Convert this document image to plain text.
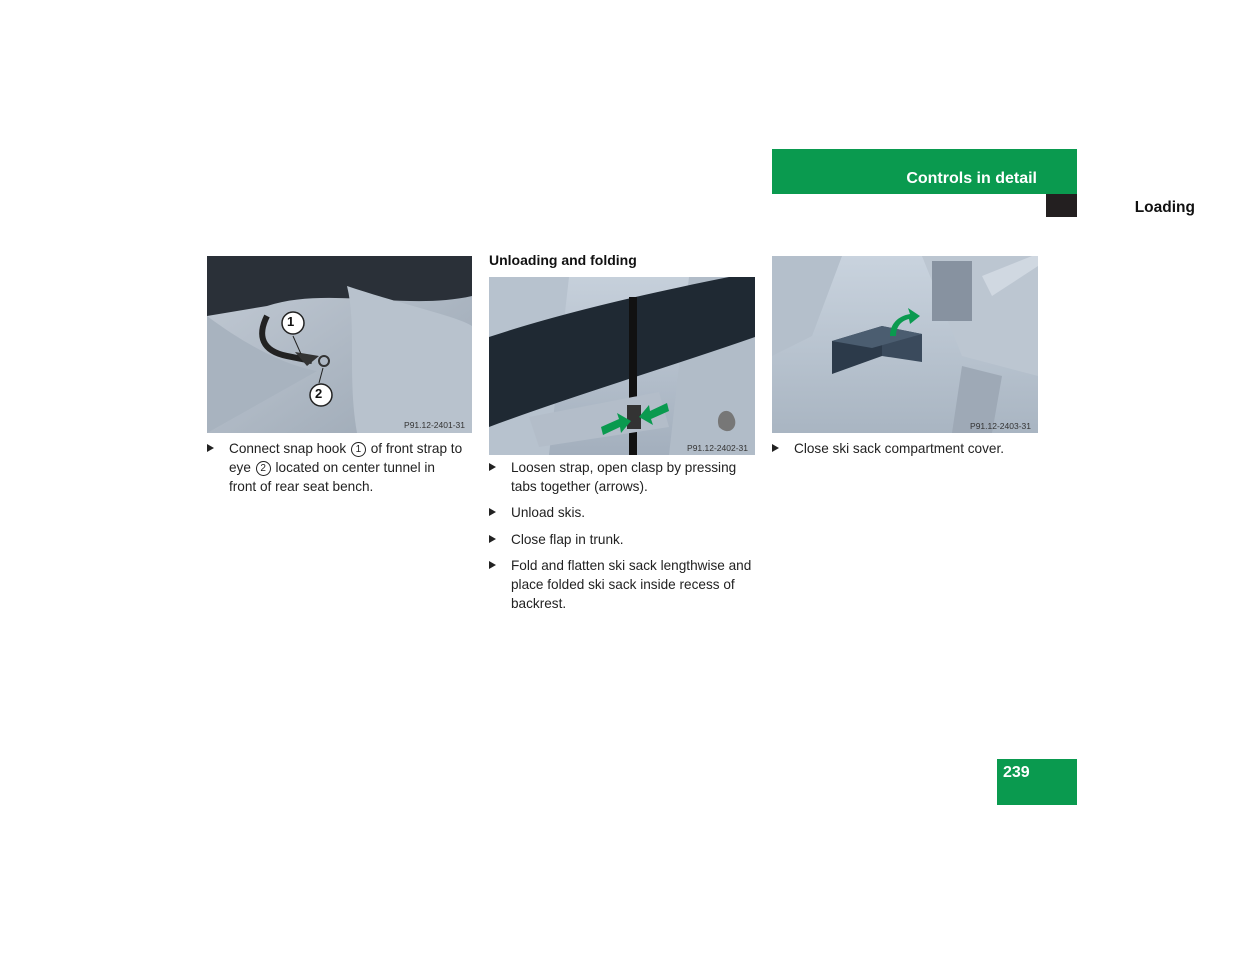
Controls in detail
Loading
1
2
P91.12-2401-31
Connect snap hook 1 of front strap to
eye 2 located on center tunnel in
front of rear seat bench.
Unloading and folding
P91.12-2402-31
Loosen strap, open clasp by pressing tabs together (arrows).
Unload skis.
Close flap in trunk.
Fold and flatten ski sack lengthwise and place folded ski sack inside recess of backrest.
P91.12-2403-31
Close ski sack compartment cover.
239
